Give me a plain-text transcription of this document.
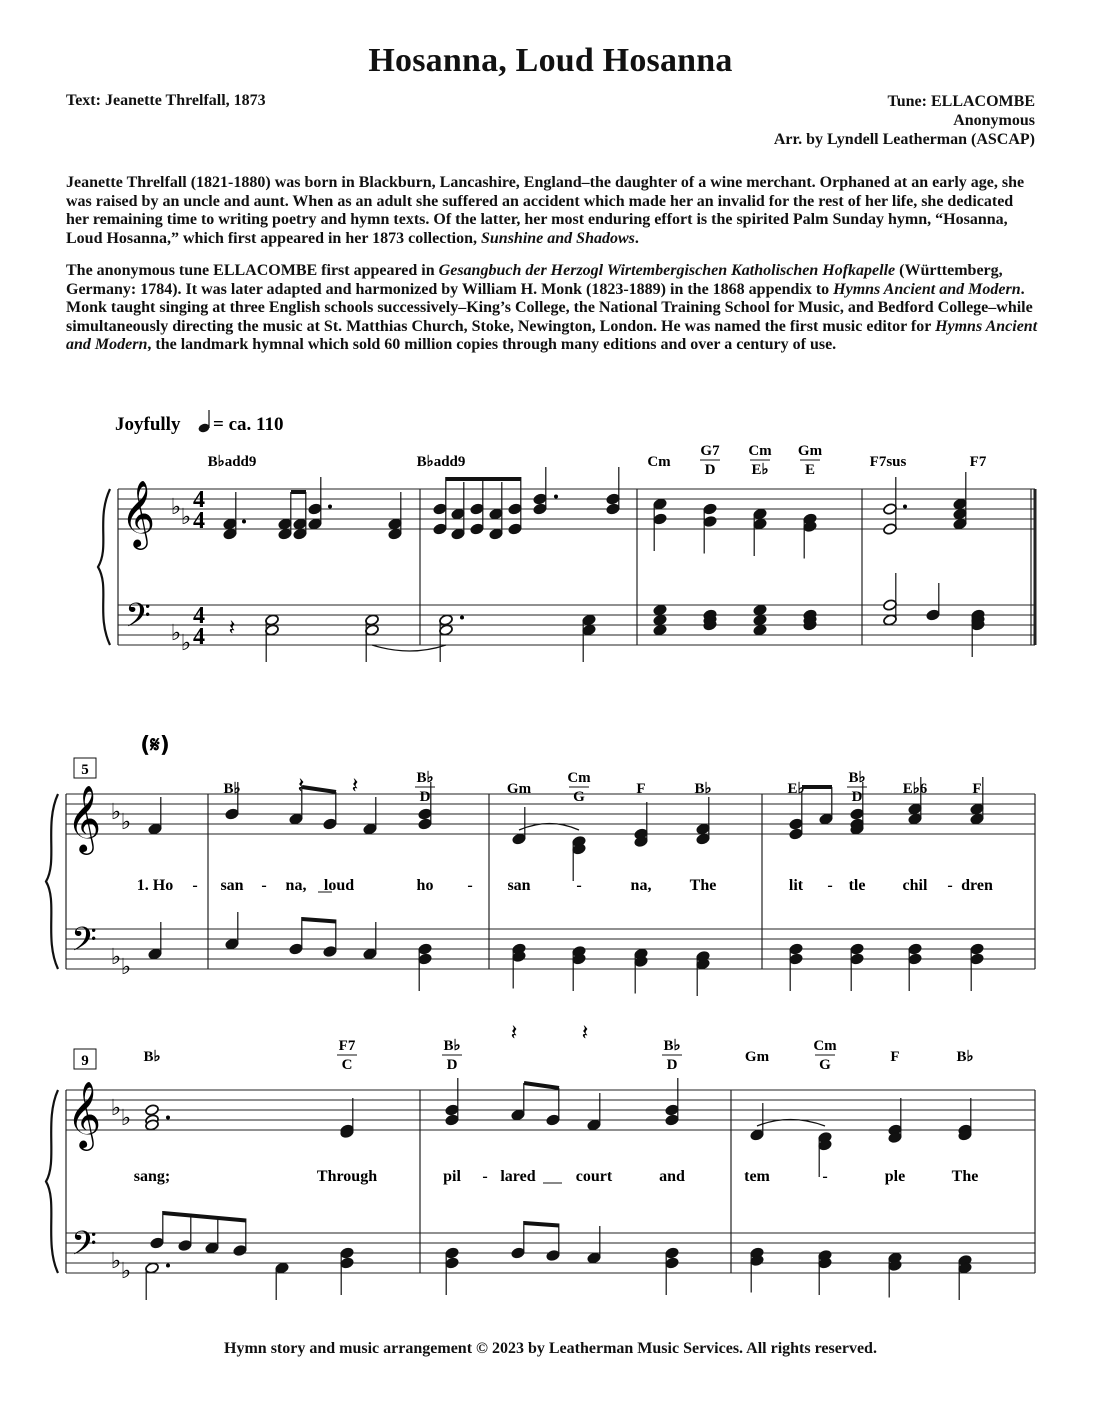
Hosanna, Loud Hosanna
Text: Jeanette Threlfall, 1873	Tune: ELLACOMBE
Anonymous
Arr. by Lyndell Leatherman (ASCAP)
Jeanette Threlfall (1821-1880) was born in Blackburn, Lancashire, England–the daughter of a wine merchant. Orphaned at an early age, she was raised by an uncle and aunt. When as an adult she suffered an accident which made her an invalid for the rest of her life, she dedicated her remaining time to writing poetry and hymn texts. Of the latter, her most enduring effort is the spirited Palm Sunday hymn, “Hosanna, Loud Hosanna,” which first appeared in her 1873 collection, Sunshine and Shadows.
The anonymous tune ELLACOMBE first appeared in Gesangbuch der Herzogl Wirtembergischen Katholischen Hofkapelle (Württemberg, Germany: 1784). It was later adapted and harmonized by William H. Monk (1823-1889) in the 1868 appendix to Hymns Ancient and Modern. Monk taught singing at three English schools successively–King’s College, the National Training School for Music, and Bedford College–while simultaneously directing the music at St. Matthias Church, Stoke, Newington, London. He was named the first music editor for Hymns Ancient and Modern, the landmark hymnal which sold 60 million copies through many editions and over a century of use.
𝄞
𝄢
♭ ♭
♭ ♭
4
4
4
4
Joyfully = ca. 110
B♭add9	B♭add9	Cm
G7
D
Cm
E♭
Gm
E	F7sus	F7
𝄽
𝄞
𝄢
♭ ♭
♭ ♭
5
(𝄋)
B♭
B♭
D	Gm
Cm
G	F	B♭	E♭
B♭
D	E♭6	F
𝄽 𝄽
1. Ho - san - na, loud	ho - san	-	na, The	lit - tle chil - dren
𝄞
𝄢
♭ ♭
♭ ♭
9	B♭
F7
C
B♭
D
B♭
D	Gm
Cm
G	F	B♭
𝄽	𝄽
sang;	Through	pil - lared	court	and	tem	-	ple	The
Hymn story and music arrangement © 2023 by Leatherman Music Services. All rights reserved.
